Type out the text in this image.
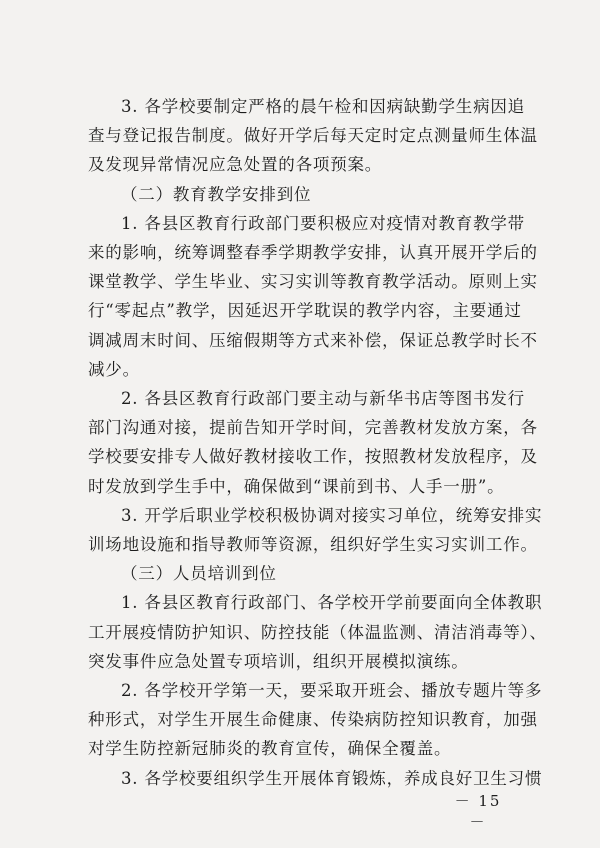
3. 各学校要制定严格的晨午检和因病缺勤学生病因追
查与登记报告制度。做好开学后每天定时定点测量师生体温
及发现异常情况应急处置的各项预案。

（二）教育教学安排到位

1. 各县区教育行政部门要积极应对疫情对教育教学带
来的影响，统筹调整春季学期教学安排，认真开展开学后的
课堂教学、学生毕业、实习实训等教育教学活动。原则上实
行“零起点”教学，因延迟开学耽误的教学内容，主要通过
调减周末时间、压缩假期等方式来补偿，保证总教学时长不
减少。

2. 各县区教育行政部门要主动与新华书店等图书发行
部门沟通对接，提前告知开学时间，完善教材发放方案，各
学校要安排专人做好教材接收工作，按照教材发放程序，及
时发放到学生手中，确保做到“课前到书、人手一册”。

3. 开学后职业学校积极协调对接实习单位，统筹安排实
训场地设施和指导教师等资源，组织好学生实习实训工作。

（三）人员培训到位

1. 各县区教育行政部门、各学校开学前要面向全体教职
工开展疫情防护知识、防控技能（体温监测、清洁消毒等）、
突发事件应急处置专项培训，组织开展模拟演练。

2. 各学校开学第一天，要采取开班会、播放专题片等多
种形式，对学生开展生命健康、传染病防控知识教育，加强
对学生防控新冠肺炎的教育宣传，确保全覆盖。

3. 各学校要组织学生开展体育锻炼，养成良好卫生习惯

－ 15 －
